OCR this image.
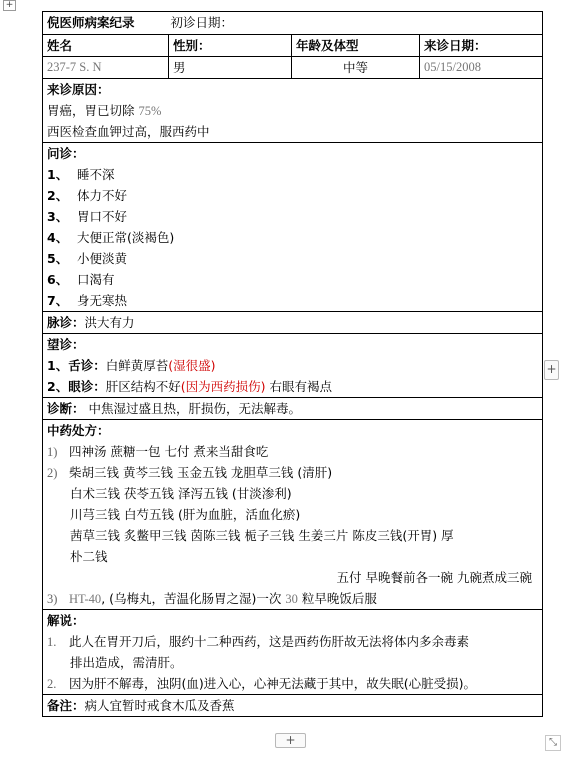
+
倪医师病案纪录	初诊日期：
姓名	性别：	年龄及体型	来诊日期：
237-7 S. N	男	中等	05/15/2008
来诊原因：
胃癌，胃已切除 75%
西医检查血钾过高，服西药中
问诊：
1、 睡不深
2、 体力不好
3、 胃口不好
4、 大便正常(淡褐色)
5、 小便淡黄
6、 口渴有
7、 身无寒热
脉诊：洪大有力
望诊：
1、舌诊：白鲜黄厚苔(湿很盛)
2、眼诊：肝区结构不好(因为西药损伤) 右眼有褐点
诊断： 中焦湿过盛且热，肝损伤，无法解毒。
中药处方：
1) 四神汤 蔗糖一包 七付 煮来当甜食吃
2) 柴胡三钱 黄芩三钱 玉金五钱 龙胆草三钱 (清肝)
白术三钱 茯苓五钱 泽泻五钱 (甘淡渗利)
川芎三钱 白芍五钱 (肝为血脏，活血化瘀)
茜草三钱 炙鳖甲三钱 茵陈三钱 栀子三钱 生姜三片 陈皮三钱(开胃) 厚
朴二钱
五付 早晚餐前各一碗 九碗煮成三碗
3) HT-40, (乌梅丸，苦温化肠胃之湿)一次 30 粒早晚饭后服
解说：
1. 此人在胃开刀后，服约十二种西药，这是西药伤肝故无法将体内多余毒素
排出造成，需清肝。
2. 因为肝不解毒，浊阴(血)进入心，心神无法藏于其中，故失眠(心脏受损)。
备注：病人宜暂时戒食木瓜及香蕉
+
+	⤡
